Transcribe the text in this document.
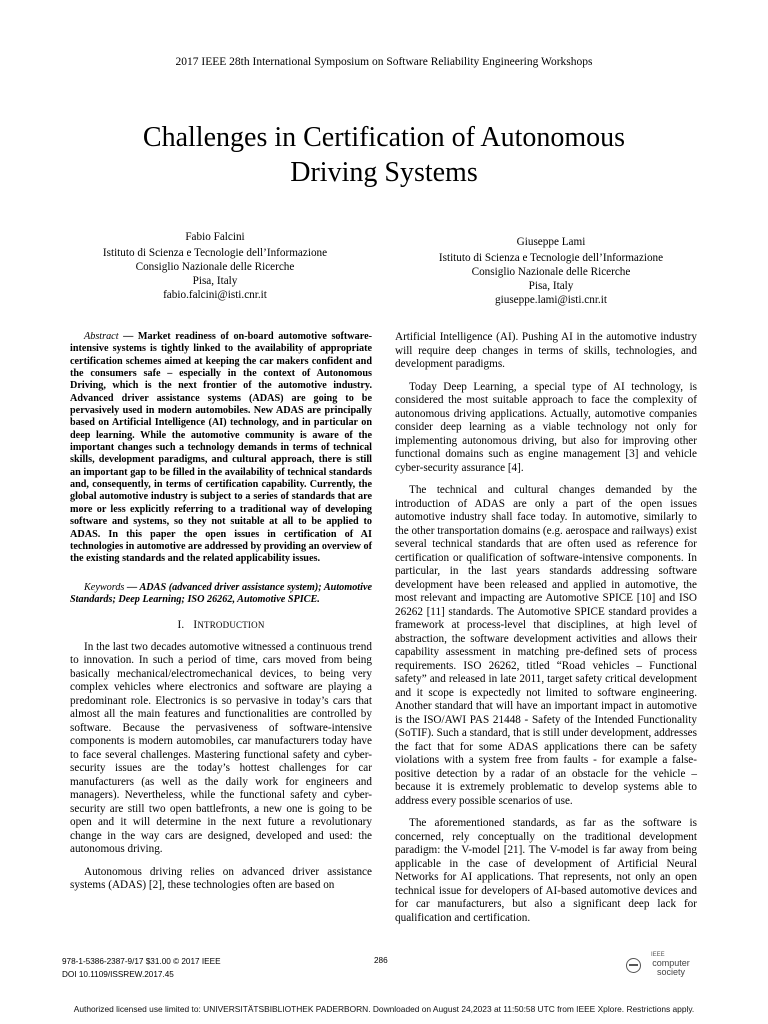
2017 IEEE 28th International Symposium on Software Reliability Engineering Workshops
Challenges in Certification of Autonomous
Driving Systems
Fabio Falcini
Istituto di Scienza e Tecnologie dell’Informazione
Consiglio Nazionale delle Ricerche
Pisa, Italy
fabio.falcini@isti.cnr.it
Giuseppe Lami
Istituto di Scienza e Tecnologie dell’Informazione
Consiglio Nazionale delle Ricerche
Pisa, Italy
giuseppe.lami@isti.cnr.it
Abstract — Market readiness of on-board automotive software-intensive systems is tightly linked to the availability of appropriate certification schemes aimed at keeping the car makers confident and the consumers safe – especially in the context of Autonomous Driving, which is the next frontier of the automotive industry. Advanced driver assistance systems (ADAS) are going to be pervasively used in modern automobiles. New ADAS are principally based on Artificial Intelligence (AI) technology, and in particular on deep learning. While the automotive community is aware of the important changes such a technology demands in terms of technical skills, development paradigms, and cultural approach, there is still an important gap to be filled in the availability of technical standards and, consequently, in terms of certification capability. Currently, the global automotive industry is subject to a series of standards that are more or less explicitly referring to a traditional way of developing software and systems, so they not suitable at all to be applied to ADAS. In this paper the open issues in certification of AI technologies in automotive are addressed by providing an overview of the existing standards and the related applicability issues.
Keywords — ADAS (advanced driver assistance system); Automotive Standards; Deep Learning; ISO 26262, Automotive SPICE.
I. INTRODUCTION

In the last two decades automotive witnessed a continuous trend to innovation. In such a period of time, cars moved from being basically mechanical/electromechanical devices, to being very complex vehicles where electronics and software are playing a predominant role. Electronics is so pervasive in today’s cars that almost all the main features and functionalities are controlled by software. Because the pervasiveness of software-intensive components is modern automobiles, car manufacturers today have to face several challenges. Mastering functional safety and cyber-security issues are the today’s hottest challenges for car manufacturers (as well as the daily work for engineers and managers). Nevertheless, while the functional safety and cyber-security are still two open battlefronts, a new one is going to be open and it will determine in the next future a revolutionary change in the way cars are designed, developed and used: the autonomous driving.

Autonomous driving relies on advanced driver assistance systems (ADAS) [2], these technologies often are based on

Artificial Intelligence (AI). Pushing AI in the automotive industry will require deep changes in terms of skills, technologies, and development paradigms.

Today Deep Learning, a special type of AI technology, is considered the most suitable approach to face the complexity of autonomous driving applications. Actually, automotive companies consider deep learning as a viable technology not only for implementing autonomous driving, but also for improving other functional domains such as engine management [3] and vehicle cyber-security assurance [4].

The technical and cultural changes demanded by the introduction of ADAS are only a part of the open issues automotive industry shall face today. In automotive, similarly to the other transportation domains (e.g. aerospace and railways) exist several technical standards that are often used as reference for certification or qualification of software-intensive components. In particular, in the last years standards addressing software development have been released and applied in automotive, the most relevant and impacting are Automotive SPICE [10] and ISO 26262 [11] standards. The Automotive SPICE standard provides a framework at process-level that disciplines, at high level of abstraction, the software development activities and allows their capability assessment in matching pre-defined sets of process requirements. ISO 26262, titled “Road vehicles – Functional safety” and released in late 2011, target safety critical development and it scope is expectedly not limited to software engineering. Another standard that will have an important impact in automotive is the ISO/AWI PAS 21448 - Safety of the Intended Functionality (SoTIF). Such a standard, that is still under development, addresses the fact that for some ADAS applications there can be safety violations with a system free from faults - for example a false-positive detection by a radar of an obstacle for the vehicle – because it is extremely problematic to develop systems able to address every possible scenarios of use.

The aforementioned standards, as far as the software is concerned, rely conceptually on the traditional development paradigm: the V-model [21]. The V-model is far away from being applicable in the case of development of Artificial Neural Networks for AI applications. That represents, not only an open technical issue for developers of AI-based automotive devices and for car manufacturers, but also a significant deep lack for qualification and certification.

978-1-5386-2387-9/17 $31.00 © 2017 IEEE
DOI 10.1109/ISSREW.2017.45
286
IEEE
computer
society
Authorized licensed use limited to: UNIVERSITÄTSBIBLIOTHEK PADERBORN. Downloaded on August 24,2023 at 11:50:58 UTC from IEEE Xplore. Restrictions apply.
